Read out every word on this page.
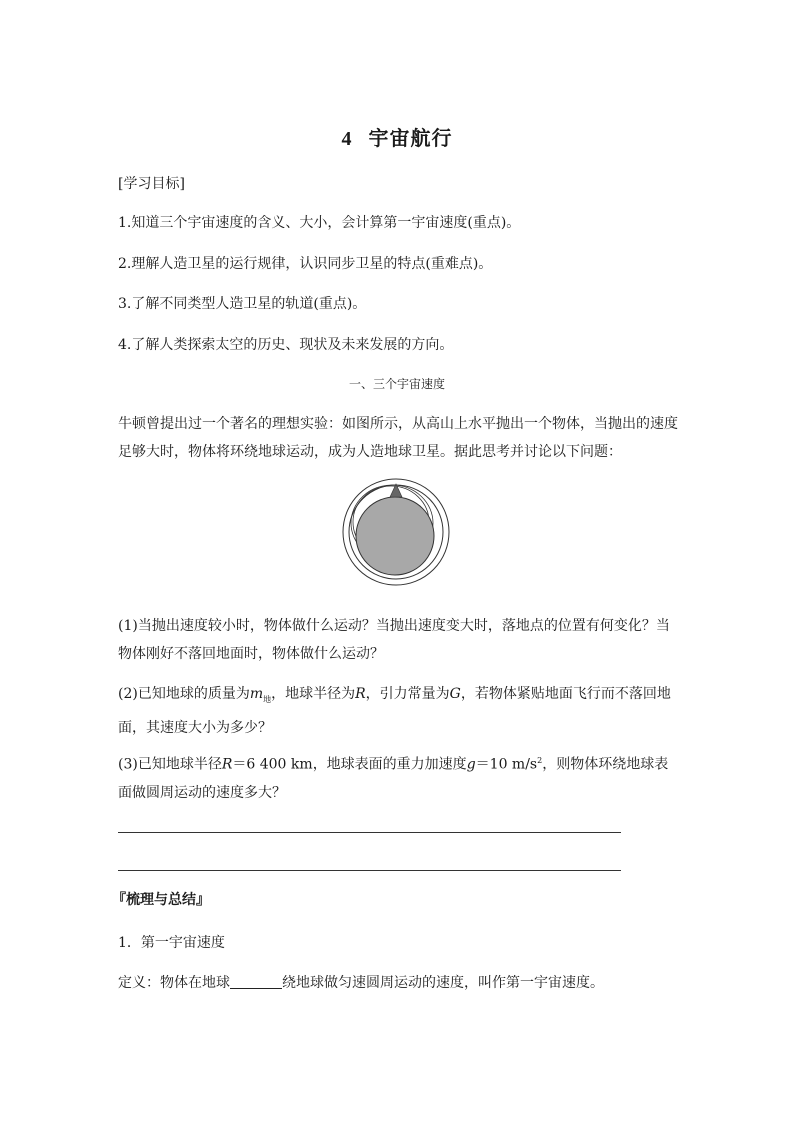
4 宇宙航行
[学习目标]
1.知道三个宇宙速度的含义、大小，会计算第一宇宙速度(重点)。
2.理解人造卫星的运行规律，认识同步卫星的特点(重难点)。
3.了解不同类型人造卫星的轨道(重点)。
4.了解人类探索太空的历史、现状及未来发展的方向。
一、三个宇宙速度
牛顿曾提出过一个著名的理想实验：如图所示，从高山上水平抛出一个物体，当抛出的速度足够大时，物体将环绕地球运动，成为人造地球卫星。据此思考并讨论以下问题：
(1)当抛出速度较小时，物体做什么运动？当抛出速度变大时，落地点的位置有何变化？当物体刚好不落回地面时，物体做什么运动？
(2)已知地球的质量为$m_地$，地球半径为R，引力常量为G，若物体紧贴地面飞行而不落回地面，其速度大小为多少？
(3)已知地球半径R＝6 400 km，地球表面的重力加速度g＝10 $m/s^2$，则物体环绕地球表面做圆周运动的速度多大？
『梳理与总结』
1．第一宇宙速度
定义：物体在地球	绕地球做匀速圆周运动的速度，叫作第一宇宙速度。
